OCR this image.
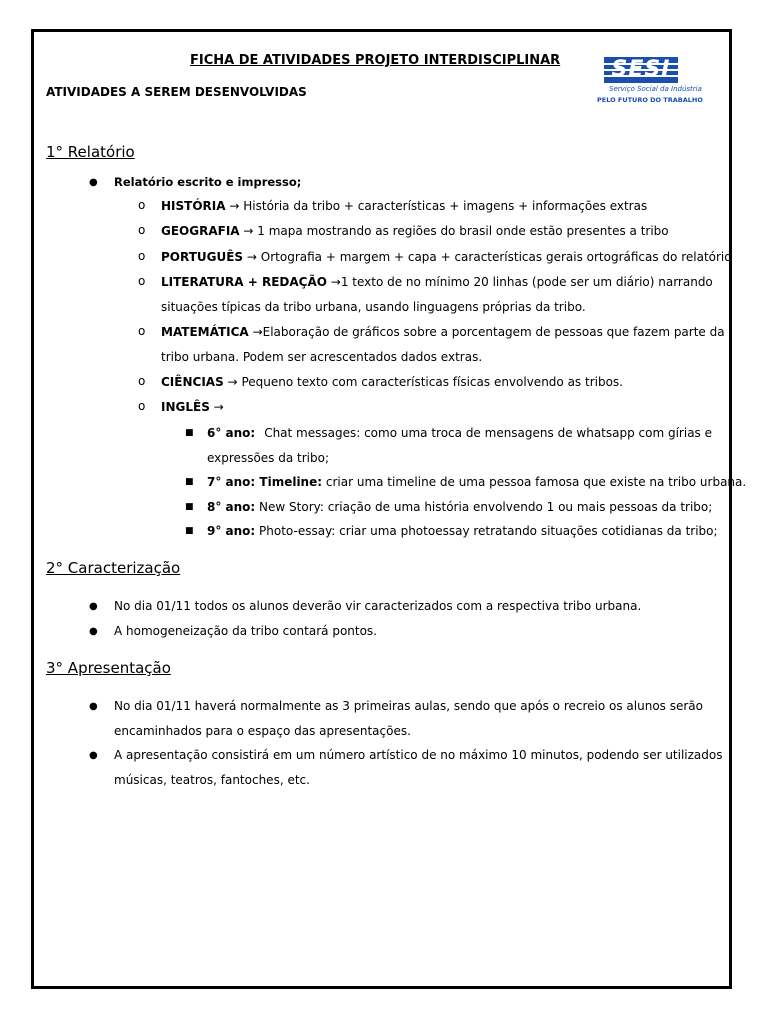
FICHA DE ATIVIDADES PROJETO INTERDISCIPLINAR
ATIVIDADES A SEREM DESENVOLVIDAS
SESI
Serviço Social da Indústria
PELO FUTURO DO TRABALHO
1° Relatório
● Relatório escrito e impresso;
o HISTÓRIA → História da tribo + características + imagens + informações extras
o GEOGRAFIA → 1 mapa mostrando as regiões do brasil onde estão presentes a tribo
o PORTUGUÊS → Ortografia + margem + capa + características gerais ortográficas do relatório
o LITERATURA + REDAÇÃO → 1 texto de no mínimo 20 linhas (pode ser um diário) narrando
situações típicas da tribo urbana, usando linguagens próprias da tribo.
o MATEMÁTICA → Elaboração de gráficos sobre a porcentagem de pessoas que fazem parte da
tribo urbana. Podem ser acrescentados dados extras.
o CIÊNCIAS → Pequeno texto com características físicas envolvendo as tribos.
o INGLÊS →
■ 6° ano: Chat messages: como uma troca de mensagens de whatsapp com gírias e
expressões da tribo;
■ 7° ano: Timeline: criar uma timeline de uma pessoa famosa que existe na tribo urbana.
■ 8° ano: New Story: criação de uma história envolvendo 1 ou mais pessoas da tribo;
■ 9° ano: Photo-essay: criar uma photoessay retratando situações cotidianas da tribo;
2° Caracterização
● No dia 01/11 todos os alunos deverão vir caracterizados com a respectiva tribo urbana.
● A homogeneização da tribo contará pontos.
3° Apresentação
● No dia 01/11 haverá normalmente as 3 primeiras aulas, sendo que após o recreio os alunos serão
encaminhados para o espaço das apresentações.
● A apresentação consistirá em um número artístico de no máximo 10 minutos, podendo ser utilizados
músicas, teatros, fantoches, etc.
